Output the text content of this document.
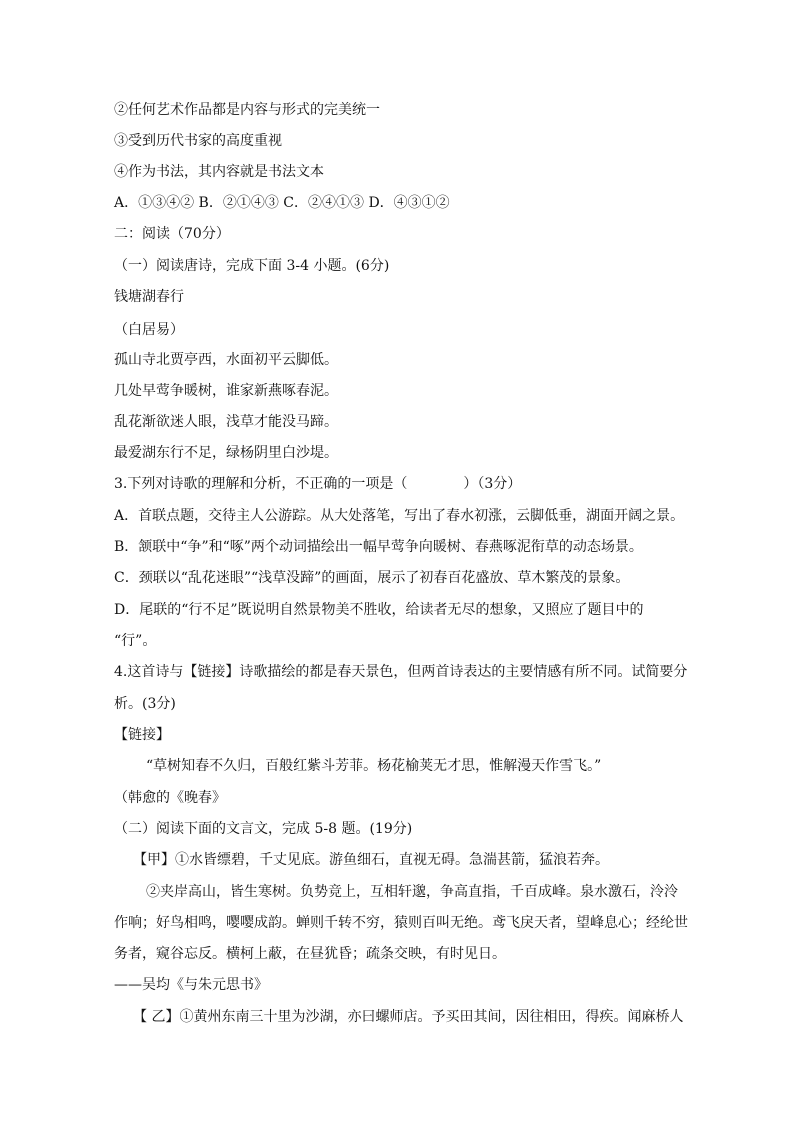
②任何艺术作品都是内容与形式的完美统一
③受到历代书家的高度重视
④作为书法，其内容就是书法文本
A．①③④② B．②①④③ C．②④①③ D．④③①②
二：阅读（70分）
（一）阅读唐诗，完成下面 3-4 小题。(6分)
钱塘湖春行
（白居易）
孤山寺北贾亭西，水面初平云脚低。
几处早莺争暖树，谁家新燕啄春泥。
乱花渐欲迷人眼，浅草才能没马蹄。
最爱湖东行不足，绿杨阴里白沙堤。
3.下列对诗歌的理解和分析，不正确的一项是（　　　　）（3分）
A．首联点题，交待主人公游踪。从大处落笔，写出了春水初涨，云脚低垂，湖面开阔之景。
B．颔联中“争”和“啄”两个动词描绘出一幅早莺争向暖树、春燕啄泥衔草的动态场景。
C．颈联以“乱花迷眼”“浅草没蹄”的画面，展示了初春百花盛放、草木繁茂的景象。
D．尾联的“行不足”既说明自然景物美不胜收，给读者无尽的想象，又照应了题目中的
“行”。
4.这首诗与【链接】诗歌描绘的都是春天景色，但两首诗表达的主要情感有所不同。试简要分
析。(3分)
【链接】
“草树知春不久归，百般红紫斗芳菲。杨花榆荚无才思，惟解漫天作雪飞。”
（韩愈的《晚春》
（二）阅读下面的文言文，完成 5-8 题。(19分)
【甲】①水皆缥碧，千丈见底。游鱼细石，直视无碍。急湍甚箭，猛浪若奔。
②夹岸高山，皆生寒树。负势竞上，互相轩邈，争高直指，千百成峰。泉水激石，泠泠
作响；好鸟相鸣，嘤嘤成韵。蝉则千转不穷，猿则百叫无绝。鸢飞戾天者，望峰息心；经纶世
务者，窥谷忘反。横柯上蔽，在昼犹昏；疏条交映，有时见日。
——吴均《与朱元思书》
【 乙】①黄州东南三十里为沙湖，亦曰螺师店。予买田其间，因往相田，得疾。闻麻桥人
